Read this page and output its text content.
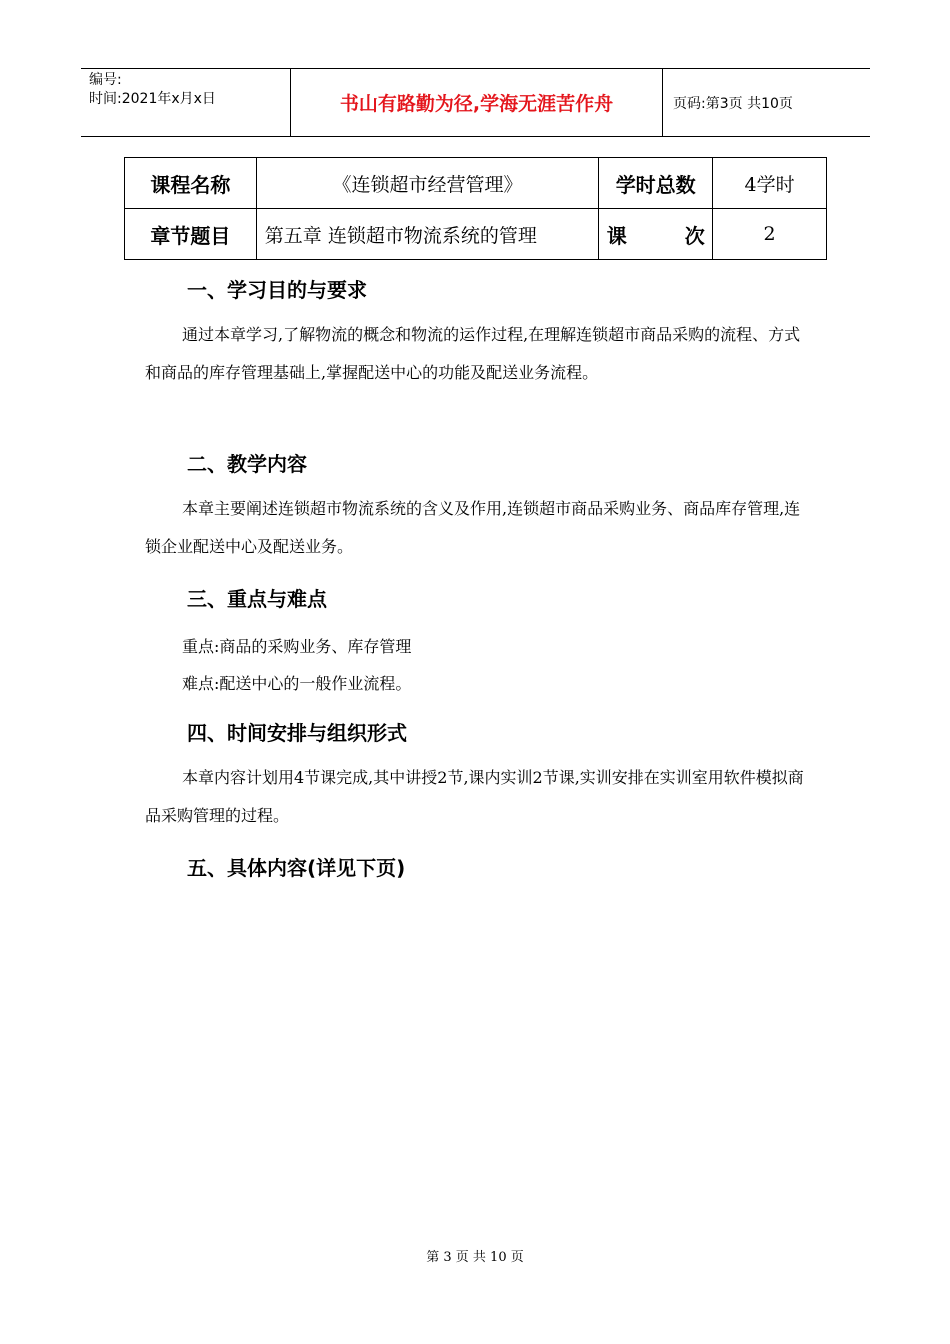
编号:
时间:2021年x月x日	书山有路勤为径,学海无涯苦作舟	页码:第3页 共10页
课程名称	《连锁超市经营管理》	学时总数	4学时
章节题目	第五章 连锁超市物流系统的管理	课 次	2
一、学习目的与要求
通过本章学习,了解物流的概念和物流的运作过程,在理解连锁超市商品采购的流程、方式和商品的库存管理基础上,掌握配送中心的功能及配送业务流程。
二、教学内容
本章主要阐述连锁超市物流系统的含义及作用,连锁超市商品采购业务、商品库存管理,连锁企业配送中心及配送业务。
三、重点与难点
重点:商品的采购业务、库存管理
难点:配送中心的一般作业流程。
四、时间安排与组织形式
本章内容计划用4节课完成,其中讲授2节,课内实训2节课,实训安排在实训室用软件模拟商品采购管理的过程。
五、具体内容(详见下页)
第 3 页 共 10 页
